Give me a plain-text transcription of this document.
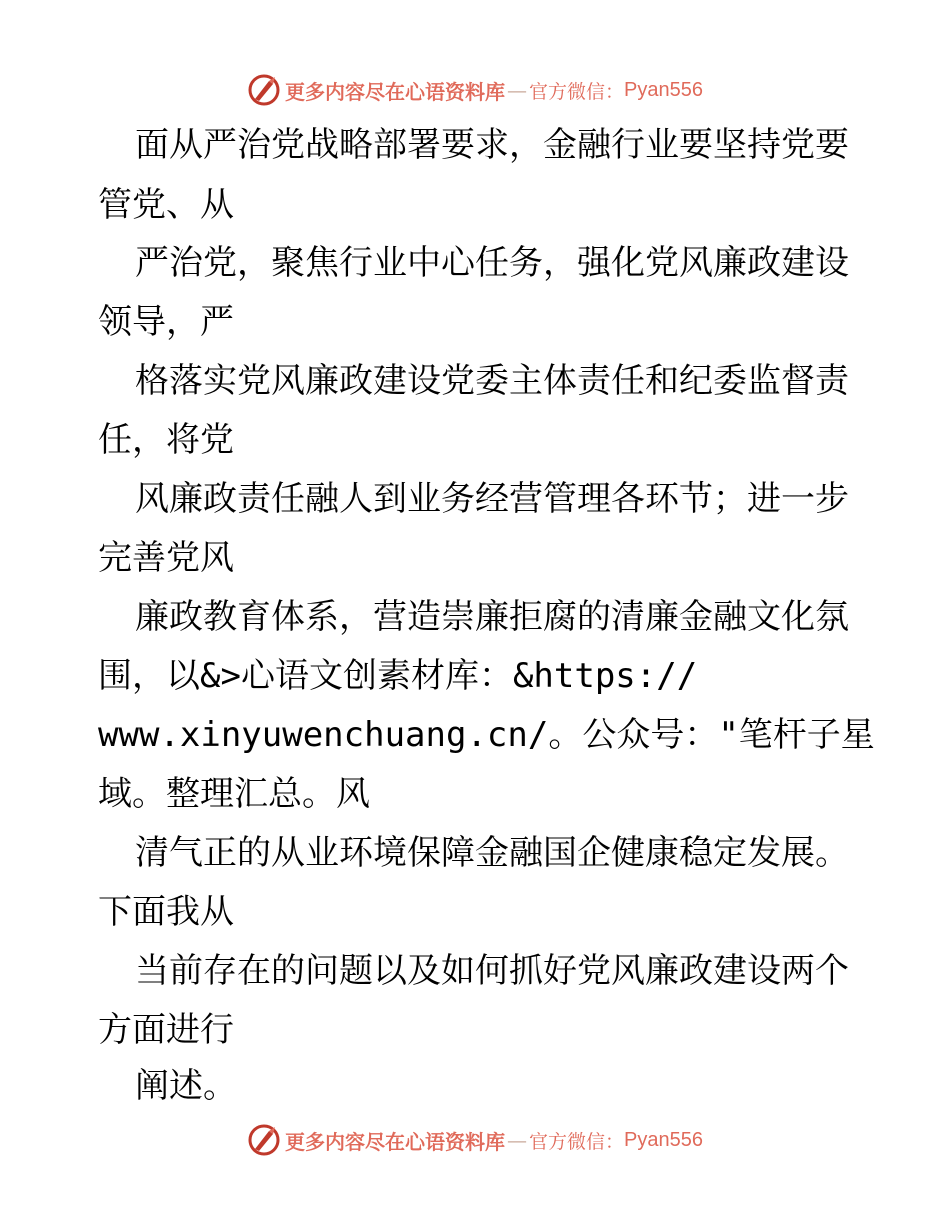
更多内容尽在心语资料库 — 官方微信： Pyan556
面从严治党战略部署要求，金融行业要坚持党要
管党、从
严治党，聚焦行业中心任务，强化党风廉政建设
领导，严
格落实党风廉政建设党委主体责任和纪委监督责
任，将党
风廉政责任融人到业务经营管理各环节；进一步
完善党风
廉政教育体系，营造崇廉拒腐的清廉金融文化氛
围，以&>心语文创素材库：&https://
www.xinyuwenchuang.cn/。公众号："笔杆子星
域。整理汇总。风
清气正的从业环境保障金融国企健康稳定发展。
下面我从
当前存在的问题以及如何抓好党风廉政建设两个
方面进行
阐述。
更多内容尽在心语资料库 — 官方微信： Pyan556
